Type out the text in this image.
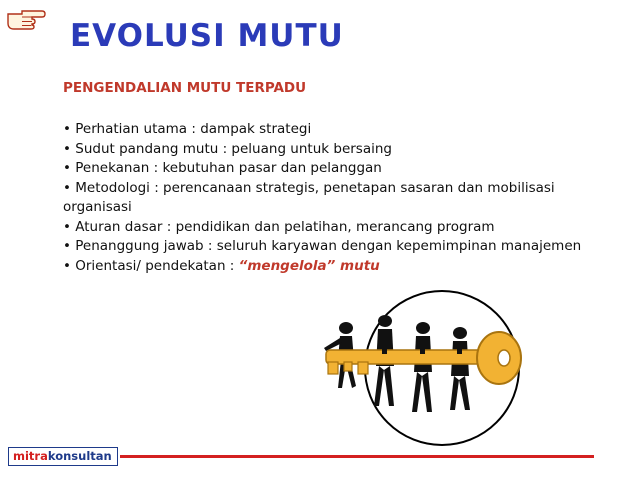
EVOLUSI MUTU
PENGENDALIAN MUTU TERPADU
• Perhatian utama : dampak strategi
• Sudut pandang mutu : peluang untuk bersaing
• Penekanan : kebutuhan pasar dan pelanggan
• Metodologi : perencanaan strategis, penetapan sasaran dan mobilisasi organisasi
• Aturan dasar : pendidikan dan pelatihan, merancang program
• Penanggung jawab : seluruh karyawan dengan kepemimpinan manajemen
• Orientasi/ pendekatan : “mengelola” mutu
mitrakonsultan
